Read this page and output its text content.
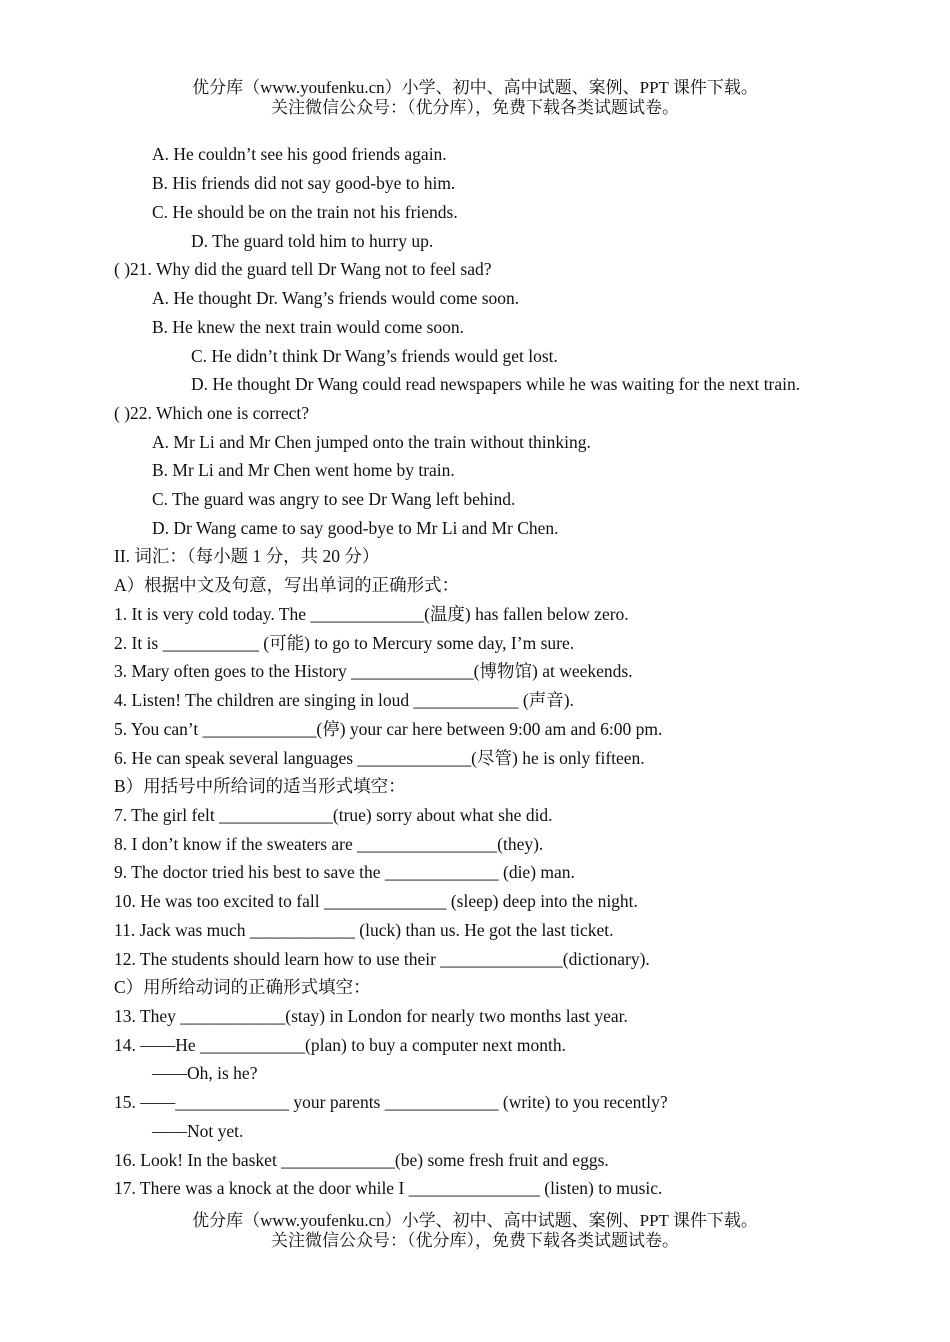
优分库（www.youfenku.cn）小学、初中、高中试题、案例、PPT 课件下载。
关注微信公众号：（优分库），免费下载各类试题试卷。
A. He couldn’t see his good friends again.
B. His friends did not say good-bye to him.
C. He should be on the train not his friends.
D. The guard told him to hurry up.
( )21. Why did the guard tell Dr Wang not to feel sad?
A. He thought Dr. Wang’s friends would come soon.
B. He knew the next train would come soon.
C. He didn’t think Dr Wang’s friends would get lost.
D. He thought Dr Wang could read newspapers while he was waiting for the next train.
( )22. Which one is correct?
A. Mr Li and Mr Chen jumped onto the train without thinking.
B. Mr Li and Mr Chen went home by train.
C. The guard was angry to see Dr Wang left behind.
D. Dr Wang came to say good-bye to Mr Li and Mr Chen.
II. 词汇：（每小题 1 分，共 20 分）
A）根据中文及句意，写出单词的正确形式：
1. It is very cold today. The _____________(温度) has fallen below zero.
2. It is ___________ (可能) to go to Mercury some day, I’m sure.
3. Mary often goes to the History ______________(博物馆) at weekends.
4. Listen! The children are singing in loud ____________ (声音).
5. You can’t _____________(停) your car here between 9:00 am and 6:00 pm.
6. He can speak several languages _____________(尽管) he is only fifteen.
B）用括号中所给词的适当形式填空：
7. The girl felt _____________(true) sorry about what she did.
8. I don’t know if the sweaters are ________________(they).
9. The doctor tried his best to save the _____________ (die) man.
10. He was too excited to fall ______________ (sleep) deep into the night.
11. Jack was much ____________ (luck) than us. He got the last ticket.
12. The students should learn how to use their ______________(dictionary).
C）用所给动词的正确形式填空：
13. They ____________(stay) in London for nearly two months last year.
14. ——He ____________(plan) to buy a computer next month.
——Oh, is he?
15. ——_____________ your parents _____________ (write) to you recently?
——Not yet.
16. Look! In the basket _____________(be) some fresh fruit and eggs.
17. There was a knock at the door while I _______________ (listen) to music.
优分库（www.youfenku.cn）小学、初中、高中试题、案例、PPT 课件下载。
关注微信公众号：（优分库），免费下载各类试题试卷。
